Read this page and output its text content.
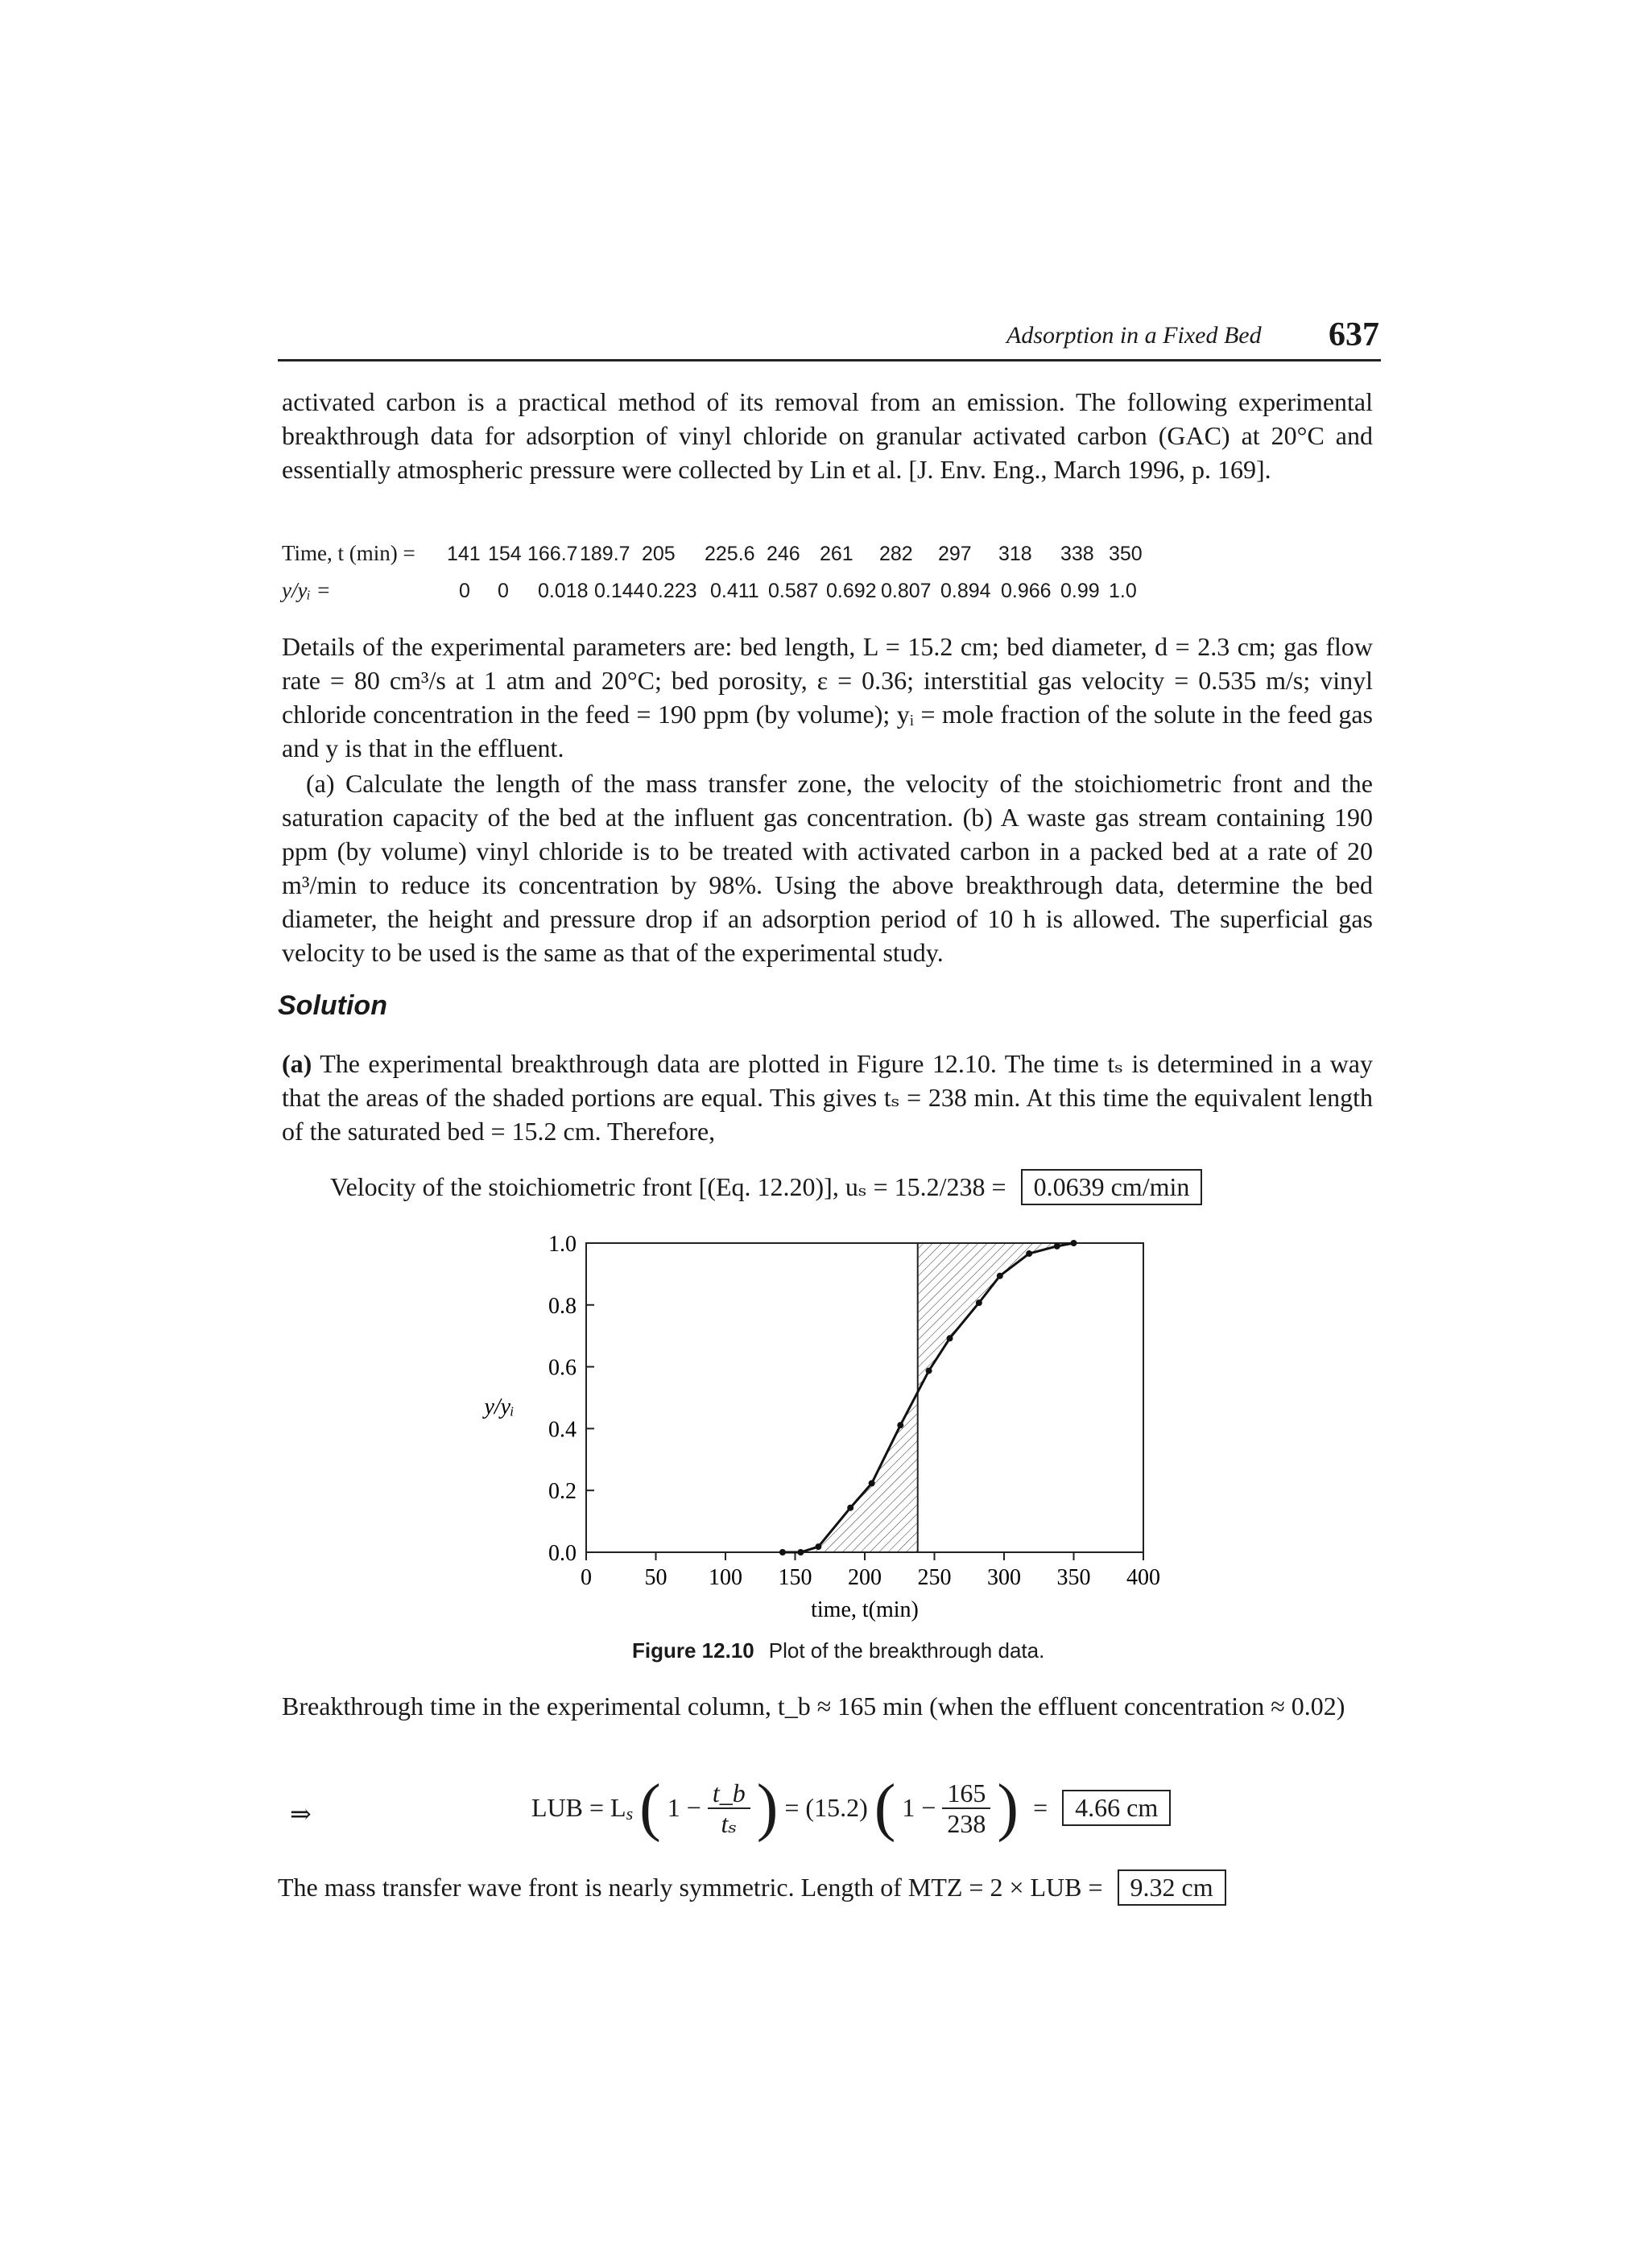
Adsorption in a Fixed Bed 637
activated carbon is a practical method of its removal from an emission. The following experimental breakthrough data for adsorption of vinyl chloride on granular activated carbon (GAC) at 20°C and essentially atmospheric pressure were collected by Lin et al. [J. Env. Eng., March 1996, p. 169].
Time, t (min) =
y/yᵢ =
141 154 166.7 189.7 205 225.6 246 261 282 297 318 338 350
0 0 0.018 0.144 0.223 0.411 0.587 0.692 0.807 0.894 0.966 0.99 1.0
Details of the experimental parameters are: bed length, L = 15.2 cm; bed diameter, d = 2.3 cm; gas flow rate = 80 cm³/s at 1 atm and 20°C; bed porosity, ε = 0.36; interstitial gas velocity = 0.535 m/s; vinyl chloride concentration in the feed = 190 ppm (by volume); yᵢ = mole fraction of the solute in the feed gas and y is that in the effluent.
(a) Calculate the length of the mass transfer zone, the velocity of the stoichiometric front and the saturation capacity of the bed at the influent gas concentration. (b) A waste gas stream containing 190 ppm (by volume) vinyl chloride is to be treated with activated carbon in a packed bed at a rate of 20 m³/min to reduce its concentration by 98%. Using the above breakthrough data, determine the bed diameter, the height and pressure drop if an adsorption period of 10 h is allowed. The superficial gas velocity to be used is the same as that of the experimental study.
Solution
(a) The experimental breakthrough data are plotted in Figure 12.10. The time tₛ is determined in a way that the areas of the shaded portions are equal. This gives tₛ = 238 min. At this time the equivalent length of the saturated bed = 15.2 cm. Therefore,
Velocity of the stoichiometric front [(Eq. 12.20)], uₛ = 15.2/238 = 0.0639 cm/min
0 50 100 150 200 250 300 350 400
0.0
0.2
0.4
0.6
0.8
1.0
time, t(min)
y/yᵢ
Figure 12.10 Plot of the breakthrough data.
Breakthrough time in the experimental column, t_b ≈ 165 min (when the effluent concentration ≈ 0.02)
⇒	LUB = $L_s$ ( $1 - \frac{t\_b}{\text{tₛ}}$ ) = (15.2) ( $1 - \frac{165}{238}$ ) = 4.66 cm
The mass transfer wave front is nearly symmetric. Length of MTZ = 2 × LUB = 9.32 cm
